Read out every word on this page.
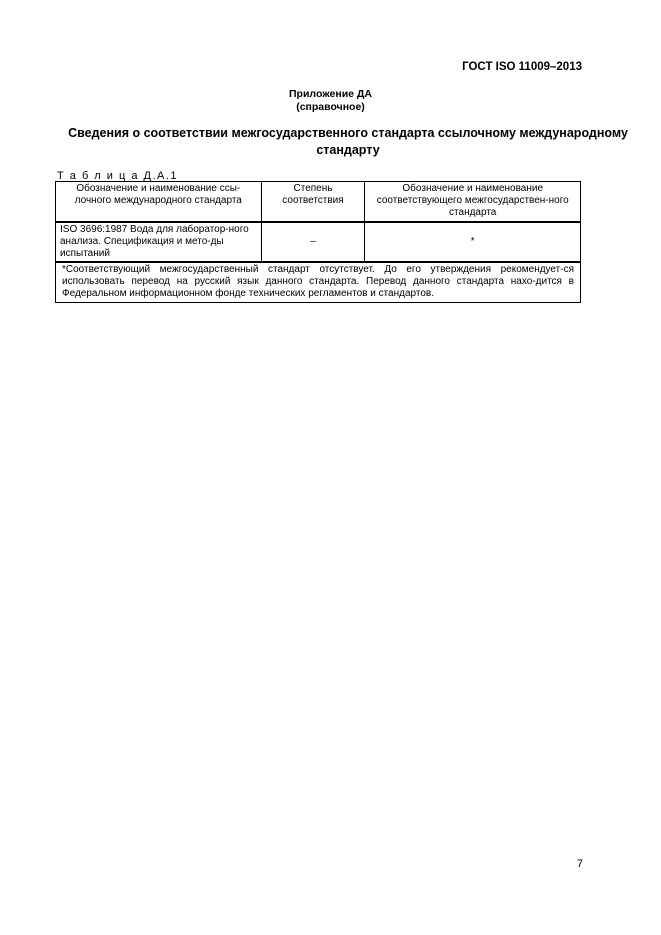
ГОСТ ISO 11009–2013
Приложение ДА
(справочное)
Сведения о соответствии межгосударственного стандарта ссылочному международному стандарту
Т а б л и ц а Д.А.1
Обозначение и наименование ссы-лочного международного стандарта	Степень соответствия	Обозначение и наименование соответствующего межгосударствен-ного стандарта
ISO 3696:1987 Вода для лаборатор-ного анализа. Спецификация и мето-ды испытаний	–	*
*Соответствующий межгосударственный стандарт отсутствует. До его утверждения рекомендует-ся использовать перевод на русский язык данного стандарта. Перевод данного стандарта нахо-дится в Федеральном информационном фонде технических регламентов и стандартов.		
7
